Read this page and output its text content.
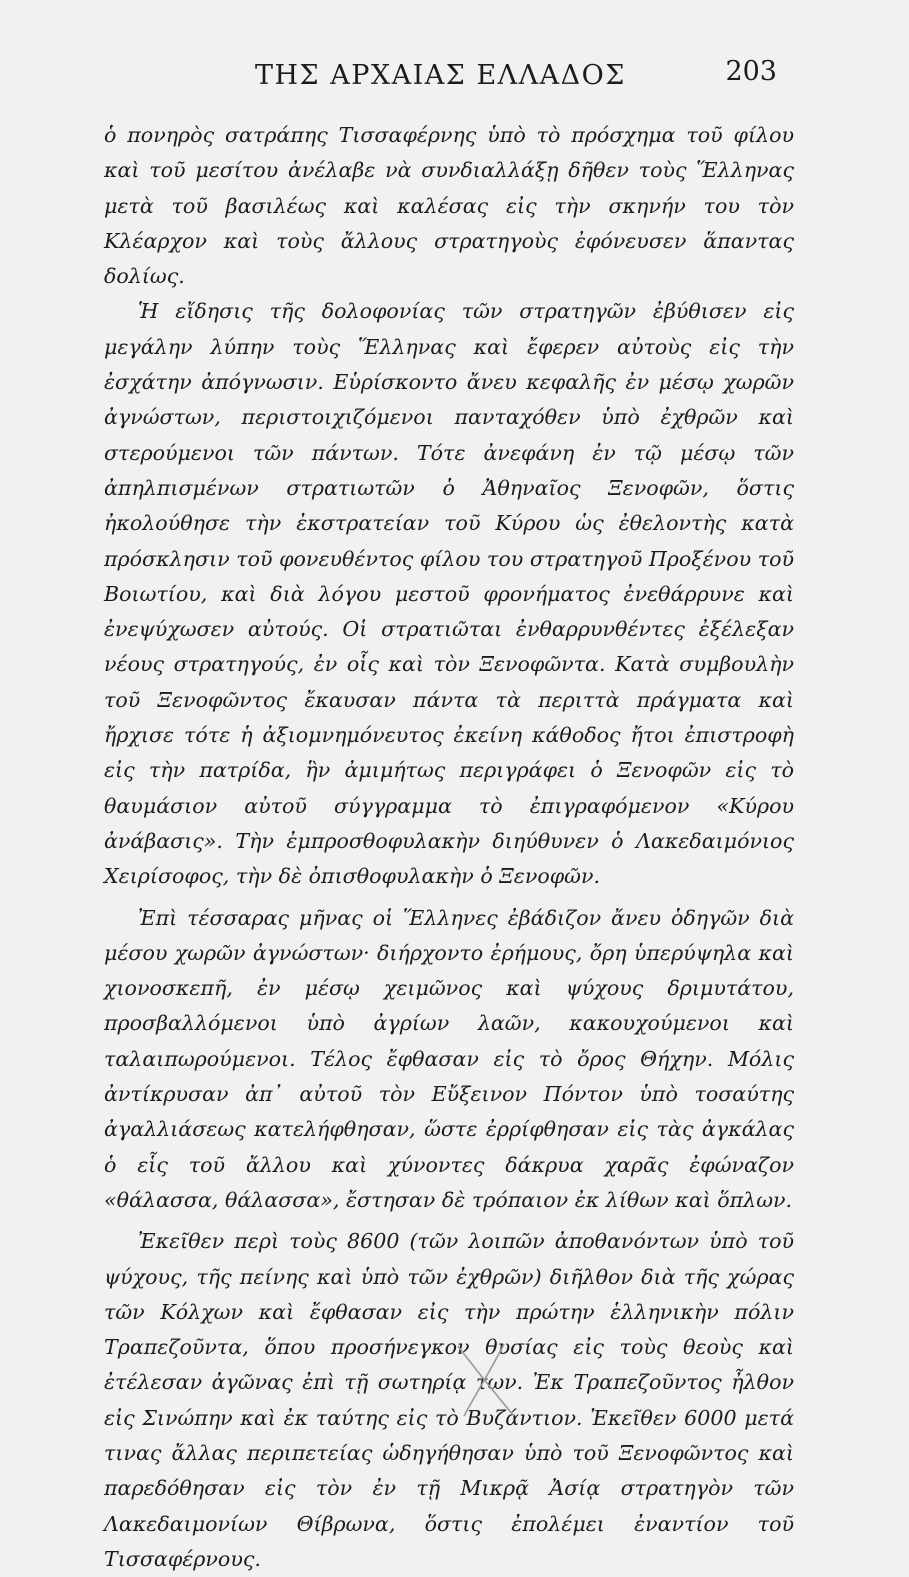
ΤΗΣ ΑΡΧΑΙΑΣ ΕΛΛΑΔΟΣ	203

ὁ πονηρὸς σατράπης Τισσαφέρνης ὑπὸ τὸ πρόσχημα τοῦ φίλου καὶ τοῦ μεσίτου ἀνέλαβε νὰ συνδιαλλάξῃ δῆθεν τοὺς Ἕλληνας μετὰ τοῦ βασιλέως καὶ καλέσας εἰς τὴν σκηνήν του τὸν Κλέαρχον καὶ τοὺς ἄλλους στρατηγοὺς ἐφόνευσεν ἅπαντας δολίως.

Ἡ εἴδησις τῆς δολοφονίας τῶν στρατηγῶν ἐβύθισεν εἰς μεγάλην λύπην τοὺς Ἕλληνας καὶ ἔφερεν αὐτοὺς εἰς τὴν ἐσχάτην ἀπόγνωσιν. Εὑρίσκοντο ἄνευ κεφαλῆς ἐν μέσῳ χωρῶν ἀγνώστων, περιστοιχιζόμενοι πανταχόθεν ὑπὸ ἐχθρῶν καὶ στερούμενοι τῶν πάντων. Τότε ἀνεφάνη ἐν τῷ μέσῳ τῶν ἀπηλπισμένων στρατιωτῶν ὁ Ἀθηναῖος Ξενοφῶν, ὅστις ἠκολούθησε τὴν ἐκστρατείαν τοῦ Κύρου ὡς ἐθελοντὴς κατὰ πρόσκλησιν τοῦ φονευθέντος φίλου του στρατηγοῦ Προξένου τοῦ Βοιωτίου, καὶ διὰ λόγου μεστοῦ φρονήματος ἐνεθάρρυνε καὶ ἐνεψύχωσεν αὐτούς. Οἱ στρατιῶται ἐνθαρρυνθέντες ἐξέλεξαν νέους στρατηγούς, ἐν οἷς καὶ τὸν Ξενοφῶντα. Κατὰ συμβουλὴν τοῦ Ξενοφῶντος ἔκαυσαν πάντα τὰ περιττὰ πράγματα καὶ ἤρχισε τότε ἡ ἀξιομνημόνευτος ἐκείνη κάθοδος ἤτοι ἐπιστροφὴ εἰς τὴν πατρίδα, ἣν ἀμιμήτως περιγράφει ὁ Ξενοφῶν εἰς τὸ θαυμάσιον αὐτοῦ σύγγραμμα τὸ ἐπιγραφόμενον «Κύρου ἀνάβασις». Τὴν ἐμπροσθοφυλακὴν διηύθυνεν ὁ Λακεδαιμόνιος Χειρίσοφος, τὴν δὲ ὀπισθοφυλακὴν ὁ Ξενοφῶν.

Ἐπὶ τέσσαρας μῆνας οἱ Ἕλληνες ἐβάδιζον ἄνευ ὁδηγῶν διὰ μέσου χωρῶν ἀγνώστων· διήρχοντο ἐρήμους, ὄρη ὑπερύψηλα καὶ χιονοσκεπῆ, ἐν μέσῳ χειμῶνος καὶ ψύχους δριμυτάτου, προσβαλλόμενοι ὑπὸ ἀγρίων λαῶν, κακουχούμενοι καὶ ταλαιπωρούμενοι. Τέλος ἔφθασαν εἰς τὸ ὄρος Θήχην. Μόλις ἀντίκρυσαν ἀπ᾿ αὐτοῦ τὸν Εὔξεινον Πόντον ὑπὸ τοσαύτης ἀγαλλιάσεως κατελήφθησαν, ὥστε ἐρρίφθησαν εἰς τὰς ἀγκάλας ὁ εἷς τοῦ ἄλλου καὶ χύνοντες δάκρυα χαρᾶς ἐφώναζον «θάλασσα, θάλασσα», ἔστησαν δὲ τρόπαιον ἐκ λίθων καὶ ὅπλων.

Ἐκεῖθεν περὶ τοὺς 8600 (τῶν λοιπῶν ἀποθανόντων ὑπὸ τοῦ ψύχους, τῆς πείνης καὶ ὑπὸ τῶν ἐχθρῶν) διῆλθον διὰ τῆς χώρας τῶν Κόλχων καὶ ἔφθασαν εἰς τὴν πρώτην ἑλληνικὴν πόλιν Τραπεζοῦντα, ὅπου προσήνεγκον θυσίας εἰς τοὺς θεοὺς καὶ ἐτέλεσαν ἀγῶνας ἐπὶ τῇ σωτηρίᾳ των. Ἐκ Τραπεζοῦντος ἦλθον εἰς Σινώπην καὶ ἐκ ταύτης εἰς τὸ Βυζάντιον. Ἐκεῖθεν 6000 μετά τινας ἄλλας περιπετείας ὡδηγήθησαν ὑπὸ τοῦ Ξενοφῶντος καὶ παρεδόθησαν εἰς τὸν ἐν τῇ Μικρᾷ Ἀσίᾳ στρατηγὸν τῶν Λακεδαιμονίων Θίβρωνα, ὅστις ἐπολέμει ἐναντίον τοῦ Τισσαφέρνους.
